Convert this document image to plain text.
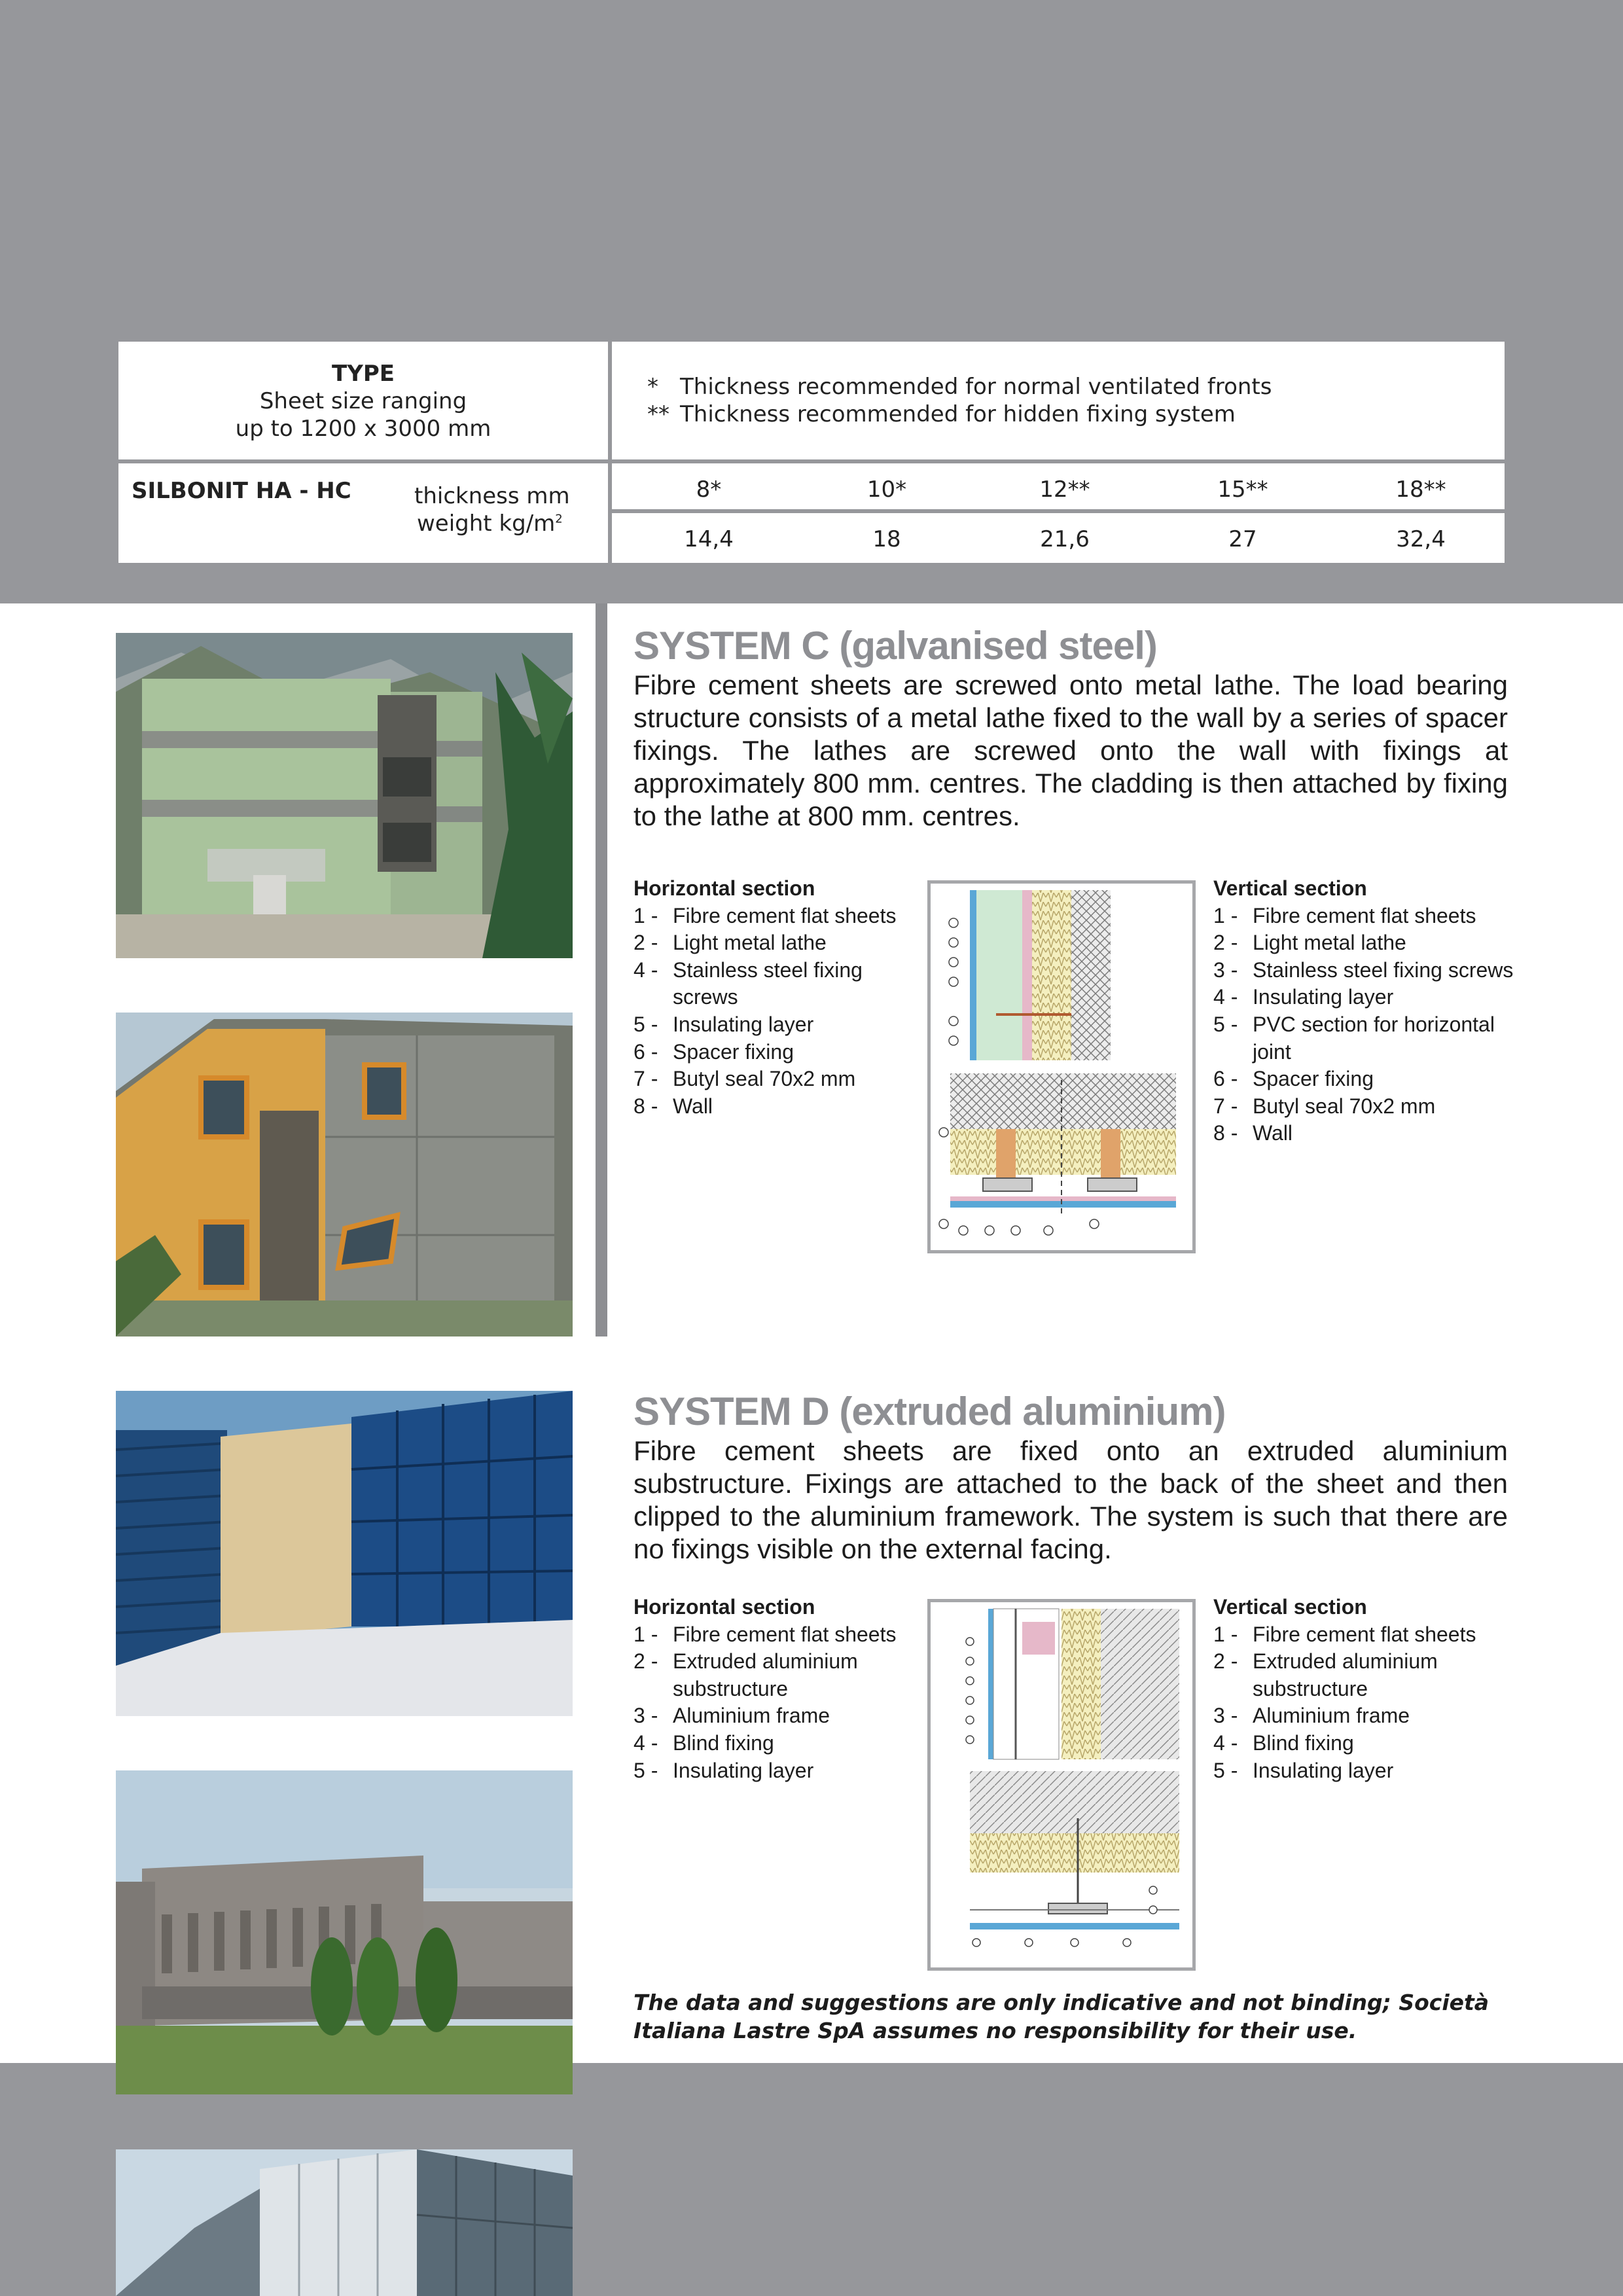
TYPE
Sheet size ranging
up to 1200 x 3000 mm
* Thickness recommended for normal ventilated fronts
** Thickness recommended for hidden fixing system
SILBONIT HA - HC	thickness mm
weight $kg/m^2$
8*	10*	12**	15**	18**
14,4	18	21,6	27	32,4
SYSTEM C (galvanised steel)

Fibre cement sheets are screwed onto metal lathe. The load bearing structure consists of a metal lathe fixed to the wall by a series of spacer fixings. The lathes are screwed onto the wall with fixings at approximately 800 mm. centres. The cladding is then attached by fixing to the lathe at 800 mm. centres.

Horizontal section
1 - Fibre cement flat sheets
2 - Light metal lathe
4 - Stainless steel fixing screws
5 - Insulating layer
6 - Spacer fixing
7 - Butyl seal 70x2 mm
8 - Wall
Vertical section
1 - Fibre cement flat sheets
2 - Light metal lathe
3 - Stainless steel fixing screws
4 - Insulating layer
5 - PVC section for horizontal joint
6 - Spacer fixing
7 - Butyl seal 70x2 mm
8 - Wall
SYSTEM D (extruded aluminium)

Fibre cement sheets are fixed onto an extruded aluminium substructure. Fixings are attached to the back of the sheet and then clipped to the aluminium framework. The system is such that there are no fixings visible on the external facing.

Horizontal section
1 - Fibre cement flat sheets
2 - Extruded aluminium substructure
3 - Aluminium frame
4 - Blind fixing
5 - Insulating layer
Vertical section
1 - Fibre cement flat sheets
2 - Extruded aluminium substructure
3 - Aluminium frame
4 - Blind fixing
5 - Insulating layer
The data and suggestions are only indicative and not binding; Società Italiana Lastre SpA assumes no responsibility for their use.
